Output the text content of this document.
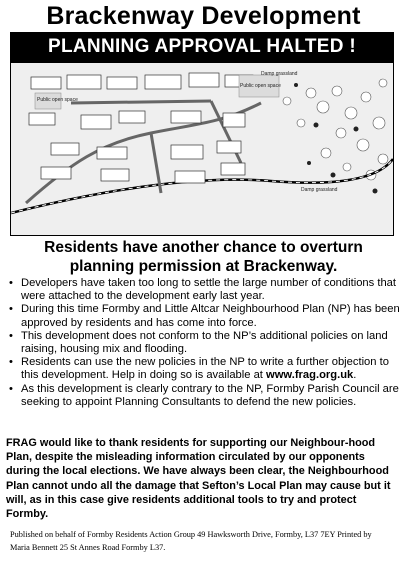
Brackenway Development
PLANNING APPROVAL HALTED !
Damp grassland
Damp grassland
Public open space
Public open space
Residents have another chance to overturn
planning permission at Brackenway.
• Developers have taken too long to settle the large number of conditions that were attached to the development early last year.
• During this time Formby and Little Altcar Neighbourhood Plan (NP) has been approved by residents and has come into force.
• This development does not conform to the NP’s additional policies on land raising, housing mix and flooding.
• Residents can use the new policies in the NP to write a further objection to this development. Help in doing so is available at www.frag.org.uk.
• As this development is clearly contrary to the NP, Formby Parish Council are seeking to appoint Planning Consultants to defend the new policies.

FRAG would like to thank residents for supporting our Neighbour-hood Plan, despite the misleading information circulated by our opponents during the local elections. We have always been clear, the Neighbourhood Plan cannot undo all the damage that Sefton’s Local Plan may cause but it will, as in this case give residents additional tools to try and protect Formby.

Published on behalf of Formby Residents Action Group 49 Hawksworth Drive, Formby, L37 7EY Printed by Maria Bennett 25 St Annes Road Formby L37.
